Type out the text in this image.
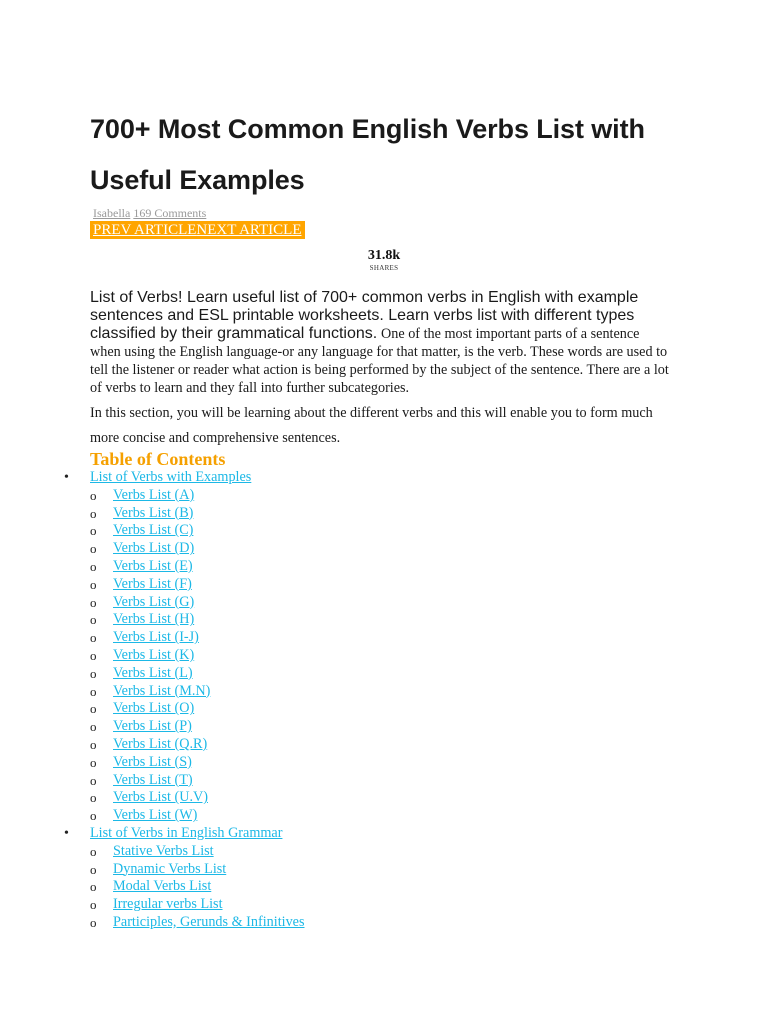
700+ Most Common English Verbs List with Useful Examples
Isabella 169 Comments
PREV ARTICLENEXT ARTICLE
31.8k
SHARES
List of Verbs! Learn useful list of 700+ common verbs in English with example sentences and ESL printable worksheets. Learn verbs list with different types classified by their grammatical functions. One of the most important parts of a sentence when using the English language-or any language for that matter, is the verb. These words are used to tell the listener or reader what action is being performed by the subject of the sentence. There are a lot of verbs to learn and they fall into further subcategories.
In this section, you will be learning about the different verbs and this will enable you to form much more concise and comprehensive sentences.
Table of Contents
• List of Verbs with Examples
o Verbs List (A)
o Verbs List (B)
o Verbs List (C)
o Verbs List (D)
o Verbs List (E)
o Verbs List (F)
o Verbs List (G)
o Verbs List (H)
o Verbs List (I-J)
o Verbs List (K)
o Verbs List (L)
o Verbs List (M.N)
o Verbs List (O)
o Verbs List (P)
o Verbs List (Q.R)
o Verbs List (S)
o Verbs List (T)
o Verbs List (U.V)
o Verbs List (W)
• List of Verbs in English Grammar
o Stative Verbs List
o Dynamic Verbs List
o Modal Verbs List
o Irregular verbs List
o Participles, Gerunds & Infinitives
